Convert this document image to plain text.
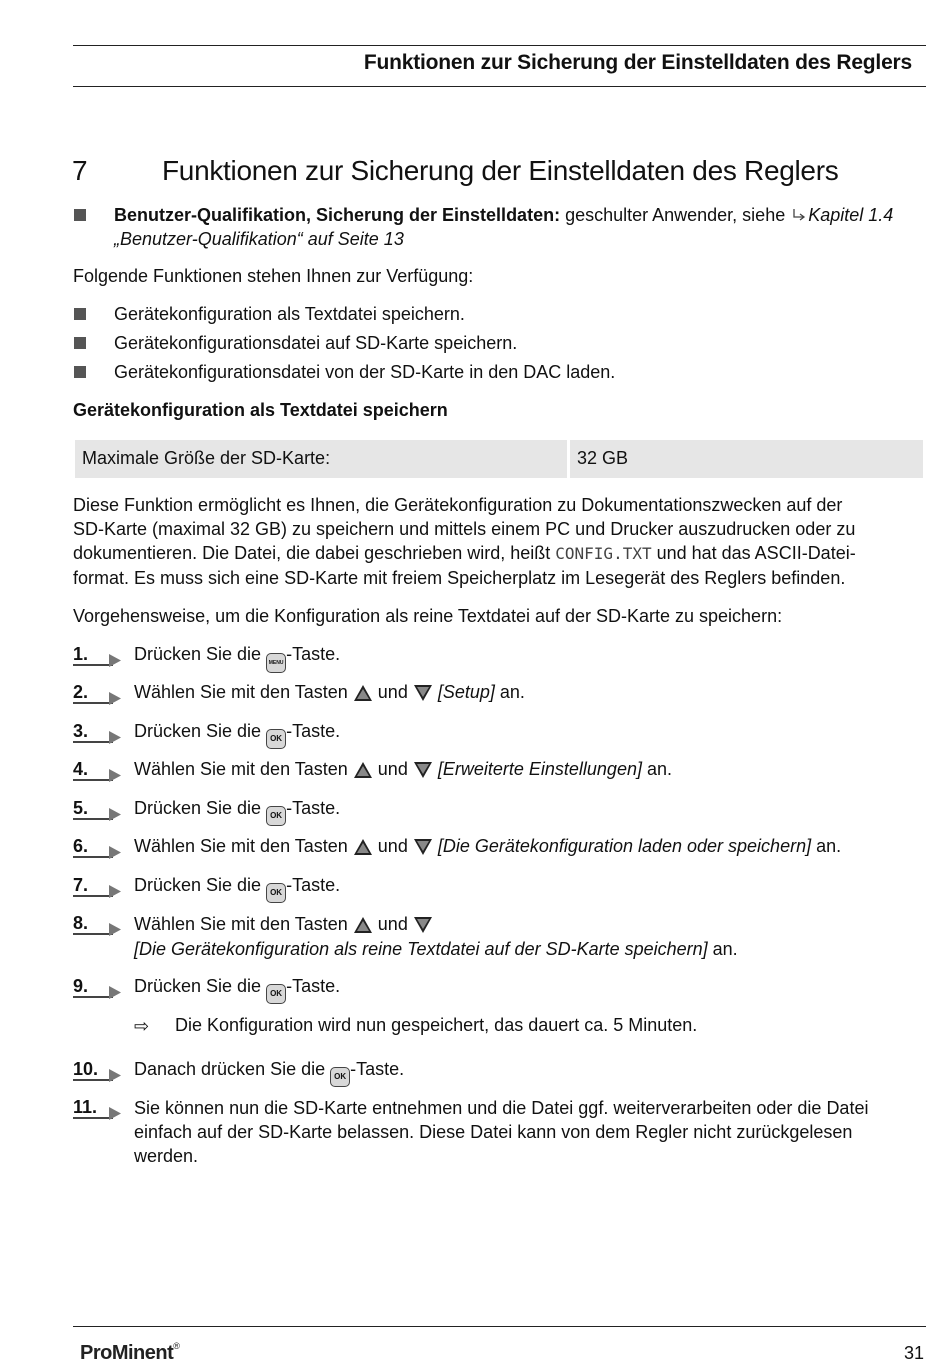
Funktionen zur Sicherung der Einstelldaten des Reglers
7	Funktionen zur Sicherung der Einstelldaten des Reglers
Benutzer-Qualifikation, Sicherung der Einstelldaten: geschulter Anwender, siehe Kapitel 1.4
„Benutzer-Qualifikation“ auf Seite 13
Folgende Funktionen stehen Ihnen zur Verfügung:
Gerätekonfiguration als Textdatei speichern.
Gerätekonfigurationsdatei auf SD-Karte speichern.
Gerätekonfigurationsdatei von der SD-Karte in den DAC laden.
Gerätekonfiguration als Textdatei speichern
Maximale Größe der SD-Karte:	32 GB
Diese Funktion ermöglicht es Ihnen, die Gerätekonfiguration zu Dokumentationszwecken auf der
SD-Karte (maximal 32 GB) zu speichern und mittels einem PC und Drucker auszudrucken oder zu
dokumentieren. Die Datei, die dabei geschrieben wird, heißt CONFIG.TXT und hat das ASCII-Datei-
format. Es muss sich eine SD-Karte mit freiem Speicherplatz im Lesegerät des Reglers befinden.
Vorgehensweise, um die Konfiguration als reine Textdatei auf der SD-Karte zu speichern:
1.	Drücken Sie die MENU -Taste.
2.	Wählen Sie mit den Tasten  und  [Setup] an.
3.	Drücken Sie die OK -Taste.
4.	Wählen Sie mit den Tasten  und  [Erweiterte Einstellungen] an.
5.	Drücken Sie die OK -Taste.
6.	Wählen Sie mit den Tasten  und  [Die Gerätekonfiguration laden oder speichern] an.
7.	Drücken Sie die OK -Taste.
8.	Wählen Sie mit den Tasten  und
[Die Gerätekonfiguration als reine Textdatei auf der SD-Karte speichern] an.
9.	Drücken Sie die OK -Taste.
10. Danach drücken Sie die OK -Taste.
11. Sie können nun die SD-Karte entnehmen und die Datei ggf. weiterverarbeiten oder die Datei
einfach auf der SD-Karte belassen. Diese Datei kann von dem Regler nicht zurückgelesen
werden.
⇨ Die Konfiguration wird nun gespeichert, das dauert ca. 5 Minuten.
ProMinent®	31
